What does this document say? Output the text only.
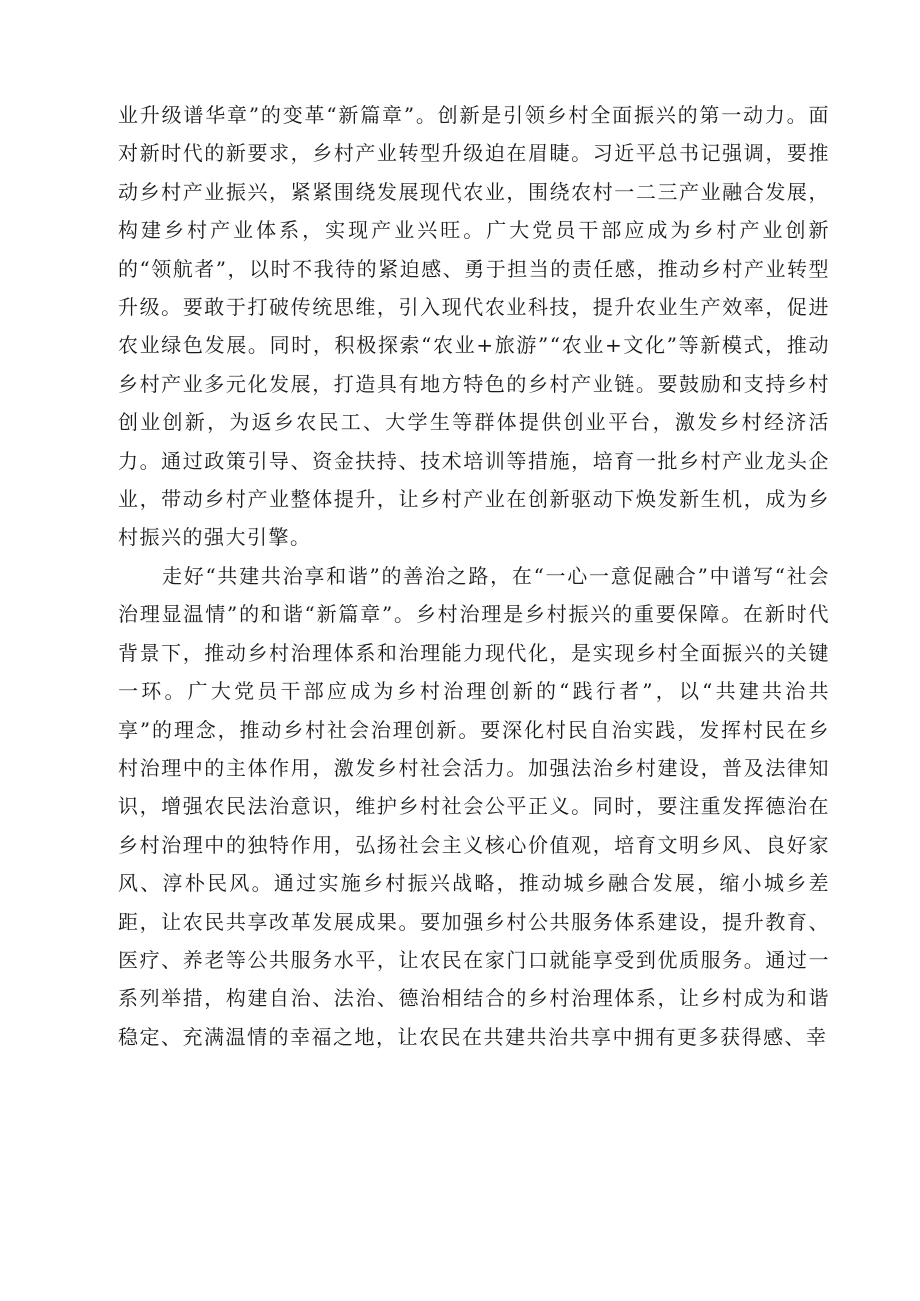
业升级谱华章”的变革“新篇章”。创新是引领乡村全面振兴的第一动力。面对新时代的新要求，乡村产业转型升级迫在眉睫。习近平总书记强调，要推动乡村产业振兴，紧紧围绕发展现代农业，围绕农村一二三产业融合发展，构建乡村产业体系，实现产业兴旺。广大党员干部应成为乡村产业创新的“领航者”，以时不我待的紧迫感、勇于担当的责任感，推动乡村产业转型升级。要敢于打破传统思维，引入现代农业科技，提升农业生产效率，促进农业绿色发展。同时，积极探索“农业+旅游”“农业+文化”等新模式，推动乡村产业多元化发展，打造具有地方特色的乡村产业链。要鼓励和支持乡村创业创新，为返乡农民工、大学生等群体提供创业平台，激发乡村经济活力。通过政策引导、资金扶持、技术培训等措施，培育一批乡村产业龙头企业，带动乡村产业整体提升，让乡村产业在创新驱动下焕发新生机，成为乡村振兴的强大引擎。

走好“共建共治享和谐”的善治之路，在“一心一意促融合”中谱写“社会治理显温情”的和谐“新篇章”。乡村治理是乡村振兴的重要保障。在新时代背景下，推动乡村治理体系和治理能力现代化，是实现乡村全面振兴的关键一环。广大党员干部应成为乡村治理创新的“践行者”，以“共建共治共享”的理念，推动乡村社会治理创新。要深化村民自治实践，发挥村民在乡村治理中的主体作用，激发乡村社会活力。加强法治乡村建设，普及法律知识，增强农民法治意识，维护乡村社会公平正义。同时，要注重发挥德治在乡村治理中的独特作用，弘扬社会主义核心价值观，培育文明乡风、良好家风、淳朴民风。通过实施乡村振兴战略，推动城乡融合发展，缩小城乡差距，让农民共享改革发展成果。要加强乡村公共服务体系建设，提升教育、医疗、养老等公共服务水平，让农民在家门口就能享受到优质服务。通过一系列举措，构建自治、法治、德治相结合的乡村治理体系，让乡村成为和谐稳定、充满温情的幸福之地，让农民在共建共治共享中拥有更多获得感、幸
